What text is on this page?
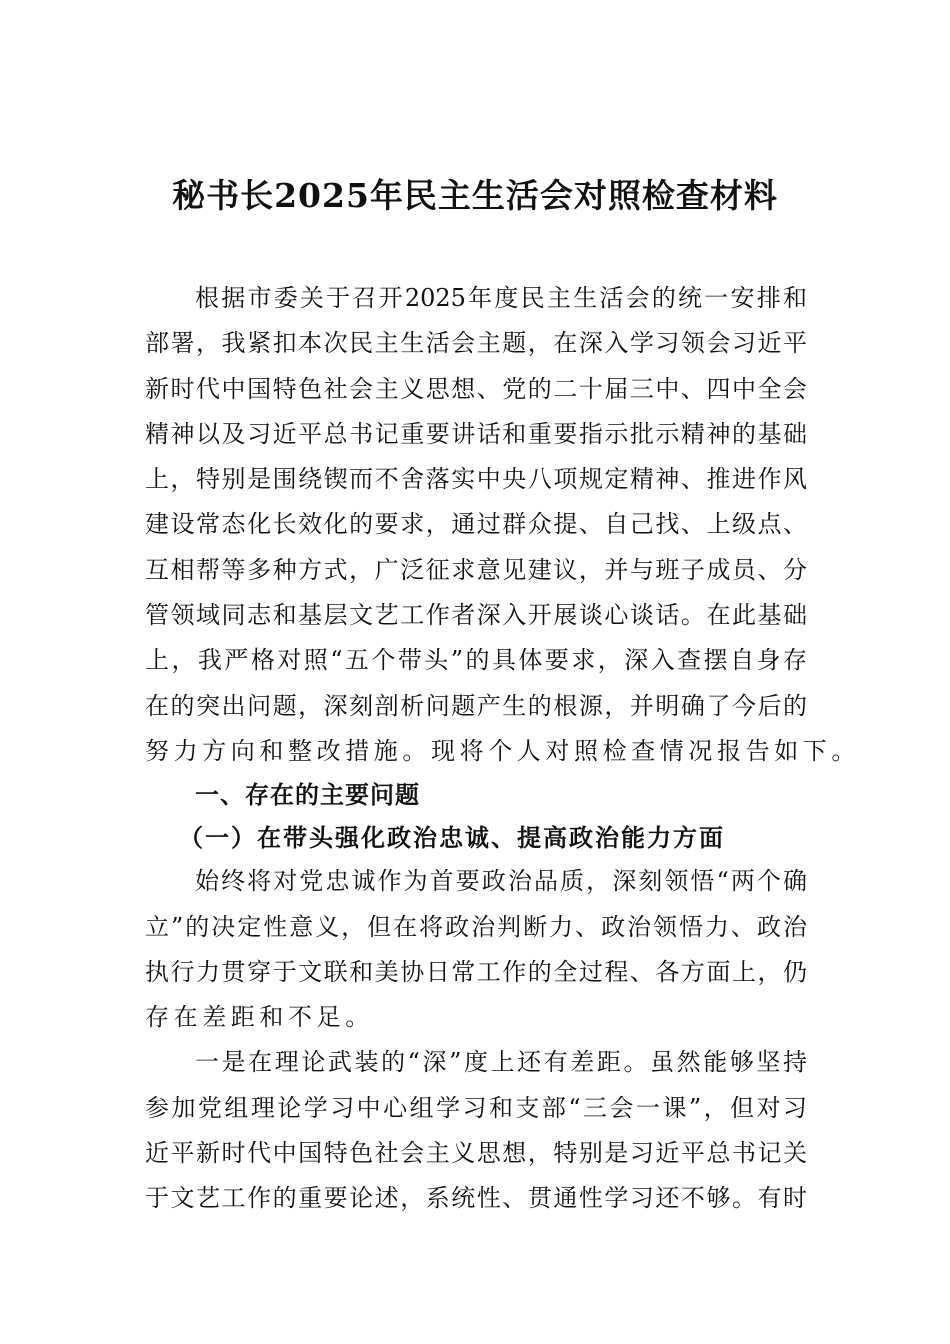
秘书长2025年民主生活会对照检查材料
根据市委关于召开2025年度民主生活会的统一安排和
部署，我紧扣本次民主生活会主题，在深入学习领会习近平
新时代中国特色社会主义思想、党的二十届三中、四中全会
精神以及习近平总书记重要讲话和重要指示批示精神的基础
上，特别是围绕锲而不舍落实中央八项规定精神、推进作风
建设常态化长效化的要求，通过群众提、自己找、上级点、
互相帮等多种方式，广泛征求意见建议，并与班子成员、分
管领域同志和基层文艺工作者深入开展谈心谈话。在此基础
上，我严格对照“五个带头”的具体要求，深入查摆自身存
在的突出问题，深刻剖析问题产生的根源，并明确了今后的
努力方向和整改措施。现将个人对照检查情况报告如下。
一、存在的主要问题
（一）在带头强化政治忠诚、提高政治能力方面
始终将对党忠诚作为首要政治品质，深刻领悟“两个确
立”的决定性意义，但在将政治判断力、政治领悟力、政治
执行力贯穿于文联和美协日常工作的全过程、各方面上，仍
存在差距和不足。
一是在理论武装的“深”度上还有差距。虽然能够坚持
参加党组理论学习中心组学习和支部“三会一课”，但对习
近平新时代中国特色社会主义思想，特别是习近平总书记关
于文艺工作的重要论述，系统性、贯通性学习还不够。有时
